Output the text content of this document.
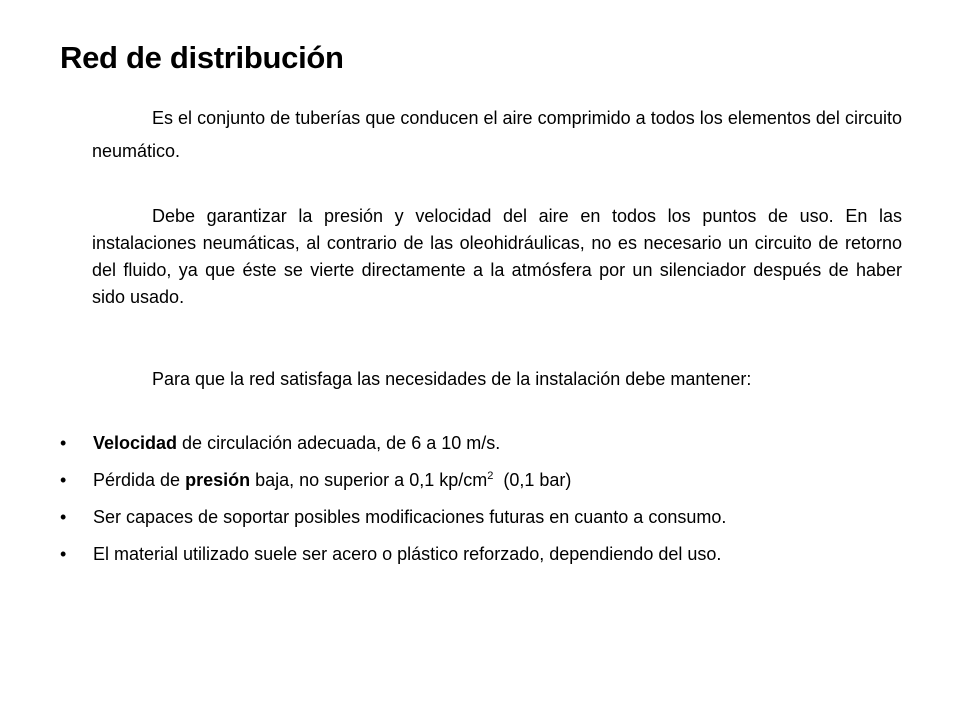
Red de distribución

Es el conjunto de tuberías que conducen el aire comprimido a todos los elementos del circuito neumático.

Debe garantizar la presión y velocidad del aire en todos los puntos de uso. En las instalaciones neumáticas, al contrario de las oleohidráulicas, no es necesario un circuito de retorno del fluido, ya que éste se vierte directamente a la atmósfera por un silenciador después de haber sido usado.

Para que la red satisfaga las necesidades de la instalación debe mantener:

• Velocidad de circulación adecuada, de 6 a 10 m/s.
• Pérdida de presión baja, no superior a 0,1 $kp/cm^2$  (0,1 bar)
• Ser capaces de soportar posibles modificaciones futuras en cuanto a consumo.
• El material utilizado suele ser acero o plástico reforzado, dependiendo del uso.
